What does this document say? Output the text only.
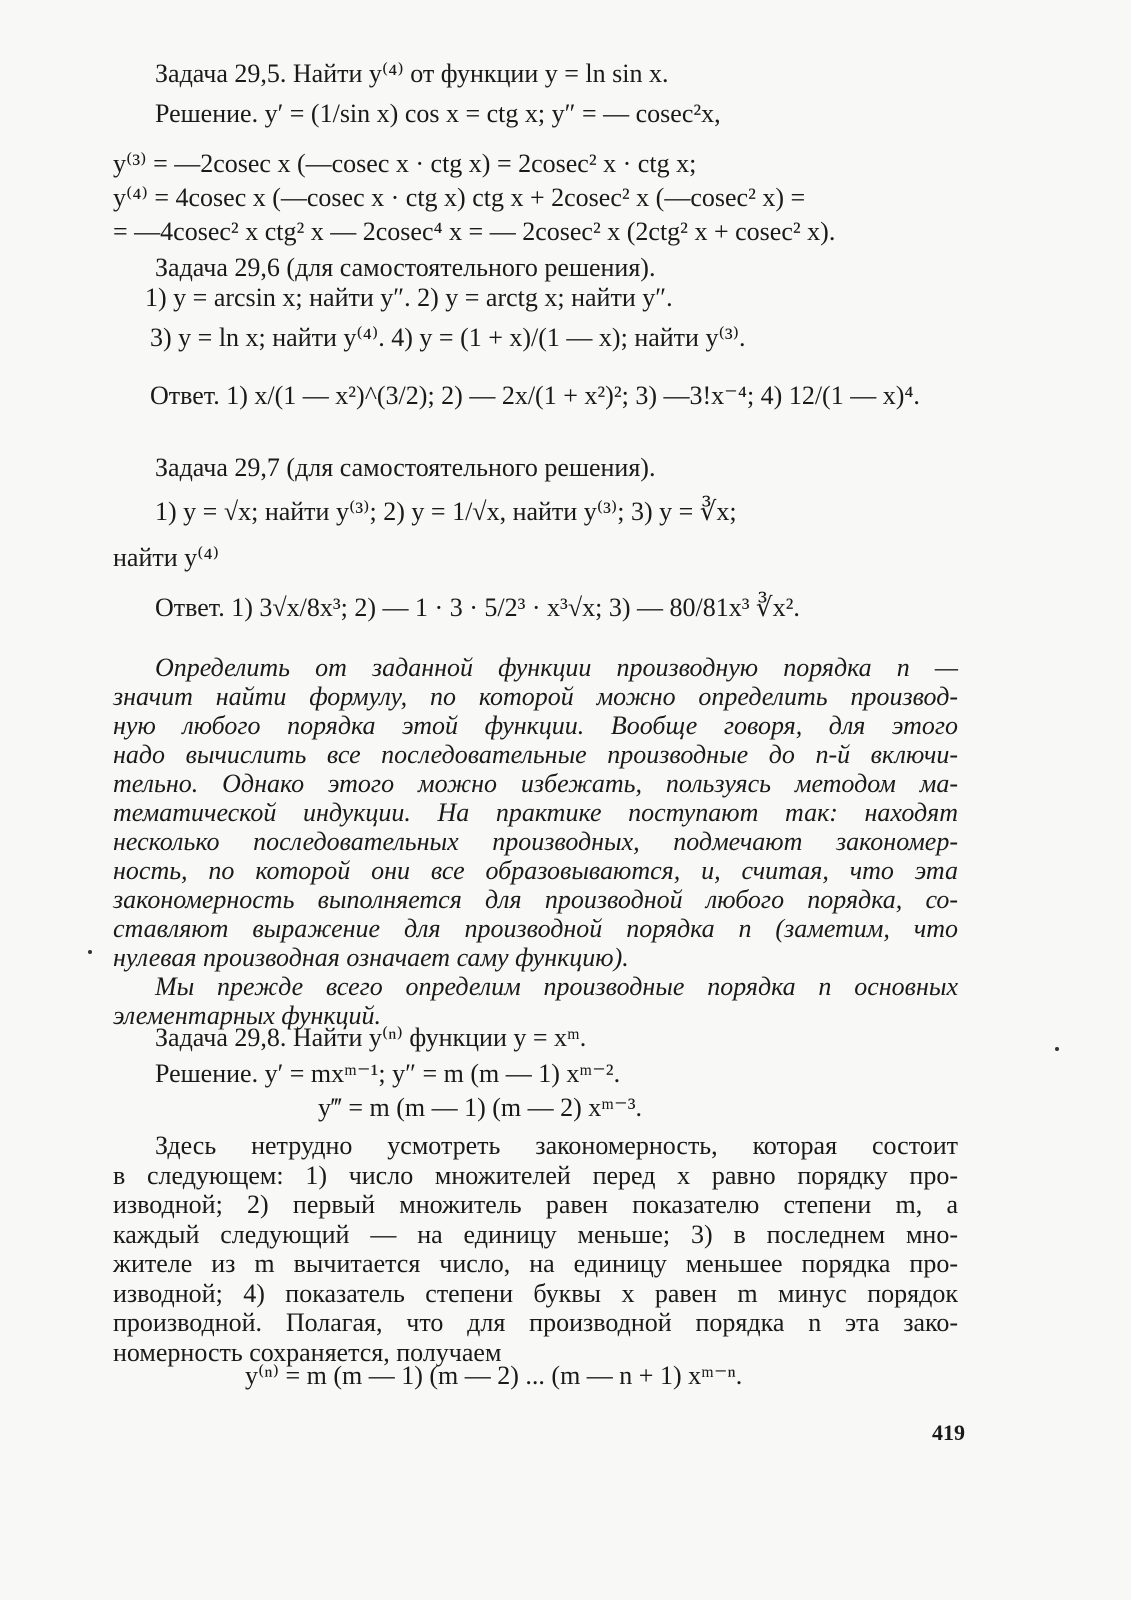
Задача 29,5. Найти y⁽⁴⁾ от функции y = ln sin x.
Решение. y′ = (1/sin x) cos x = ctg x; y″ = — cosec²x,
y⁽³⁾ = —2cosec x (—cosec x · ctg x) = 2cosec² x · ctg x;
y⁽⁴⁾ = 4cosec x (—cosec x · ctg x) ctg x + 2cosec² x (—cosec² x) =
= —4cosec² x ctg² x — 2cosec⁴ x = — 2cosec² x (2ctg² x + cosec² x).
Задача 29,6 (для самостоятельного решения).
1) y = arcsin x; найти y″. 2) y = arctg x; найти y″.
3) y = ln x; найти y⁽⁴⁾. 4) y = (1 + x)/(1 — x); найти y⁽³⁾.
Ответ. 1) x/(1 — x²)^(3/2); 2) — 2x/(1 + x²)²; 3) —3!x⁻⁴; 4) 12/(1 — x)⁴.
Задача 29,7 (для самостоятельного решения).
1) y = √x; найти y⁽³⁾; 2) y = 1/√x, найти y⁽³⁾; 3) y = ∛x;
найти y⁽⁴⁾
Ответ. 1) 3√x/8x³; 2) — 1 · 3 · 5/2³ · x³√x; 3) — 80/81x³ ∛x².
Определить от заданной функции производную порядка n —
значит найти формулу, по которой можно определить производ-
ную любого порядка этой функции. Вообще говоря, для этого
надо вычислить все последовательные производные до n-й включи-
тельно. Однако этого можно избежать, пользуясь методом ма-
тематической индукции. На практике поступают так: находят
несколько последовательных производных, подмечают закономер-
ность, по которой они все образовываются, и, считая, что эта
закономерность выполняется для производной любого порядка, со-
ставляют выражение для производной порядка n (заметим, что
нулевая производная означает саму функцию).
Мы прежде всего определим производные порядка n основных
элементарных функций.
Задача 29,8. Найти y⁽ⁿ⁾ функции y = xᵐ.
Решение. y′ = mxᵐ⁻¹; y″ = m (m — 1) xᵐ⁻².
y‴ = m (m — 1) (m — 2) xᵐ⁻³.
Здесь нетрудно усмотреть закономерность, которая состоит
в следующем: 1) число множителей перед x равно порядку про-
изводной; 2) первый множитель равен показателю степени m, а
каждый следующий — на единицу меньше; 3) в последнем мно-
жителе из m вычитается число, на единицу меньшее порядка про-
изводной; 4) показатель степени буквы x равен m минус порядок
производной. Полагая, что для производной порядка n эта зако-
номерность сохраняется, получаем
y⁽ⁿ⁾ = m (m — 1) (m — 2) ... (m — n + 1) xᵐ⁻ⁿ.
419
